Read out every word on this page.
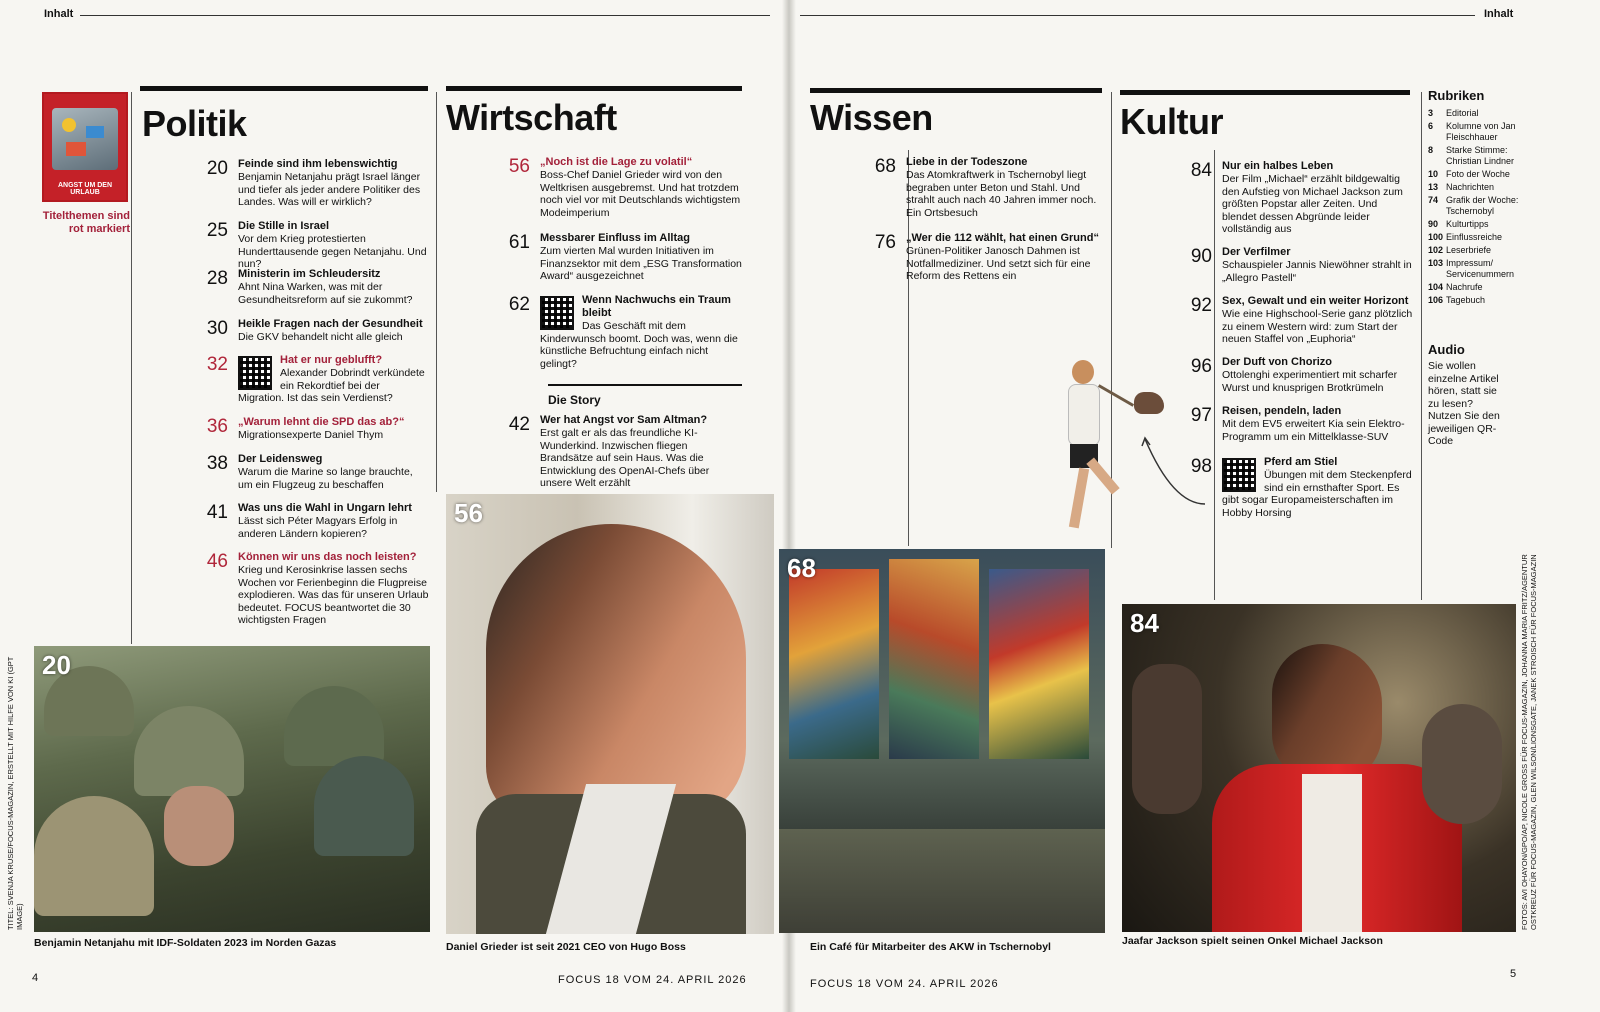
Inhalt	Inhalt
ANGST UM DEN URLAUB
Titelthemen sind rot markiert
Politik
20 Feinde sind ihm lebenswichtig
Benjamin Netanjahu prägt Israel länger und tiefer als jeder andere Politiker des Landes. Was will er wirklich?
25 Die Stille in Israel
Vor dem Krieg protestierten Hunderttausende gegen Netanjahu. Und nun?
28 Ministerin im Schleudersitz
Ahnt Nina Warken, was mit der Gesundheitsreform auf sie zukommt?
30 Heikle Fragen nach der Gesundheit
Die GKV behandelt nicht alle gleich
32	Hat er nur geblufft?
Alexander Dobrindt verkündete ein Rekordtief bei der Migration. Ist das sein Verdienst?
36 „Warum lehnt die SPD das ab?“
Migrationsexperte Daniel Thym
38 Der Leidensweg
Warum die Marine so lange brauchte, um ein Flugzeug zu beschaffen
41 Was uns die Wahl in Ungarn lehrt
Lässt sich Péter Magyars Erfolg in anderen Ländern kopieren?
46 Können wir uns das noch leisten?
Krieg und Kerosinkrise lassen sechs Wochen vor Ferienbeginn die Flugpreise explodieren. Was das für unseren Urlaub bedeutet. FOCUS beantwortet die 30 wichtigsten Fragen
Wirtschaft
56 „Noch ist die Lage zu volatil“
Boss-Chef Daniel Grieder wird von den Weltkrisen ausgebremst. Und hat trotzdem noch viel vor mit Deutschlands wichtigstem Modeimperium
61 Messbarer Einfluss im Alltag
Zum vierten Mal wurden Initiativen im Finanzsektor mit dem „ESG Transformation Award“ ausgezeichnet
62	Wenn Nachwuchs ein Traum bleibt
Das Geschäft mit dem Kinderwunsch boomt. Doch was, wenn die künstliche Befruchtung einfach nicht gelingt?
Die Story
42 Wer hat Angst vor Sam Altman?
Erst galt er als das freundliche KI-Wunderkind. Inzwischen fliegen Brandsätze auf sein Haus. Was die Entwicklung des OpenAI-Chefs über unsere Welt erzählt
20
Benjamin Netanjahu mit IDF-Soldaten 2023 im Norden Gazas
TITEL: SVENJA KRUSE/FOCUS-MAGAZIN, ERSTELLT MIT HILFE VON KI (GPT IMAGE)
56
Daniel Grieder ist seit 2021 CEO von Hugo Boss
4	FOCUS 18 VOM 24. APRIL 2026
Wissen
68 Liebe in der Todeszone
Das Atomkraftwerk in Tschernobyl liegt begraben unter Beton und Stahl. Und strahlt auch nach 40 Jahren immer noch. Ein Ortsbesuch
76 „Wer die 112 wählt, hat einen Grund“
Grünen-Politiker Janosch Dahmen ist Notfallmediziner. Und setzt sich für eine Reform des Rettens ein
Kultur
84 Nur ein halbes Leben
Der Film „Michael“ erzählt bildgewaltig den Aufstieg von Michael Jackson zum größten Popstar aller Zeiten. Und blendet dessen Abgründe leider vollständig aus
90 Der Verfilmer
Schauspieler Jannis Niewöhner strahlt in „Allegro Pastell“
92 Sex, Gewalt und ein weiter Horizont
Wie eine Highschool-Serie ganz plötzlich zu einem Western wird: zum Start der neuen Staffel von „Euphoria“
96 Der Duft von Chorizo
Ottolenghi experimentiert mit scharfer Wurst und knusprigen Brotkrümeln
97 Reisen, pendeln, laden
Mit dem EV5 erweitert Kia sein Elektro-Programm um ein Mittelklasse-SUV
98	Pferd am Stiel
Übungen mit dem Steckenpferd sind ein ernsthafter Sport. Es gibt sogar Europameisterschaften im Hobby Horsing
Rubriken
3	Editorial
6	Kolumne von Jan Fleischhauer
8	Starke Stimme: Christian Lindner
10 Foto der Woche
13 Nachrichten
74 Grafik der Woche: Tschernobyl
90 Kulturtipps
100 Einflussreiche
102 Leserbriefe
103 Impressum/ Servicenummern
104 Nachrufe
106 Tagebuch
Audio
Sie wollen einzelne Artikel hören, statt sie zu lesen? Nutzen Sie den jeweiligen QR-Code
68
Ein Café für Mitarbeiter des AKW in Tschernobyl
84
Jaafar Jackson spielt seinen Onkel Michael Jackson
FOTOS: AVI OHAYON/GPO/AP, NICOLE GROSS FÜR FOCUS-MAGAZIN, JOHANNA MARIA FRITZ/AGENTUR OSTKREUZ FÜR FOCUS-MAGAZIN, GLEN WILSON/LIONSGATE, JANEK STROISCH FÜR FOCUS-MAGAZIN
FOCUS 18 VOM 24. APRIL 2026
5
